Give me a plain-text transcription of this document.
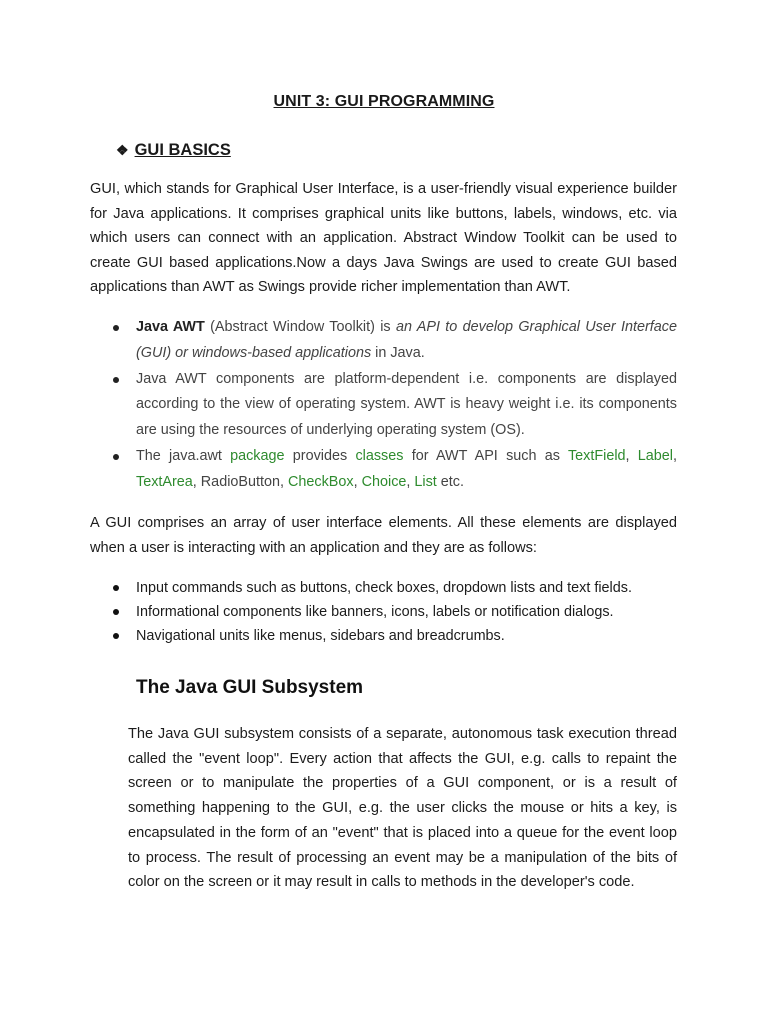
UNIT 3: GUI PROGRAMMING
❖ GUI BASICS
GUI, which stands for Graphical User Interface, is a user-friendly visual experience builder for Java applications. It comprises graphical units like buttons, labels, windows, etc. via which users can connect with an application. Abstract Window Toolkit can be used to create GUI based applications.Now a days Java Swings are used to create GUI based applications than AWT as Swings provide richer implementation than AWT.
Java AWT (Abstract Window Toolkit) is an API to develop Graphical User Interface (GUI) or windows-based applications in Java.
Java AWT components are platform-dependent i.e. components are displayed according to the view of operating system. AWT is heavy weight i.e. its components are using the resources of underlying operating system (OS).
The java.awt package provides classes for AWT API such as TextField, Label, TextArea, RadioButton, CheckBox, Choice, List etc.
A GUI comprises an array of user interface elements. All these elements are displayed when a user is interacting with an application and they are as follows:
Input commands such as buttons, check boxes, dropdown lists and text fields.
Informational components like banners, icons, labels or notification dialogs.
Navigational units like menus, sidebars and breadcrumbs.
The Java GUI Subsystem
The Java GUI subsystem consists of a separate, autonomous task execution thread called the "event loop". Every action that affects the GUI, e.g. calls to repaint the screen or to manipulate the properties of a GUI component, or is a result of something happening to the GUI, e.g. the user clicks the mouse or hits a key, is encapsulated in the form of an "event" that is placed into a queue for the event loop to process. The result of processing an event may be a manipulation of the bits of color on the screen or it may result in calls to methods in the developer's code.
